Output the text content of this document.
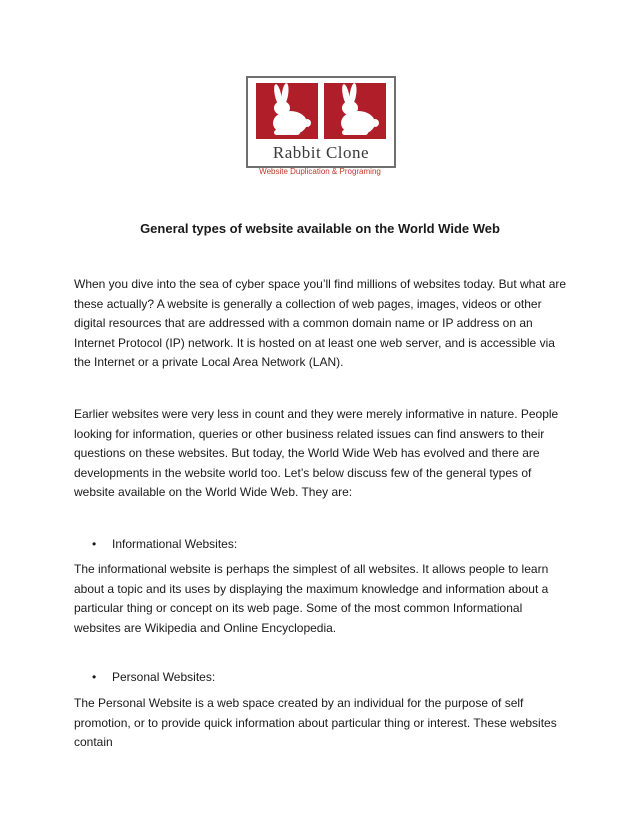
Rabbit Clone
Website Duplication & Programing
General types of website available on the World Wide Web

When you dive into the sea of cyber space you’ll find millions of websites today. But what are these actually? A website is generally a collection of web pages, images, videos or other digital resources that are addressed with a common domain name or IP address on an Internet Protocol (IP) network. It is hosted on at least one web server, and is accessible via the Internet or a private Local Area Network (LAN).

Earlier websites were very less in count and they were merely informative in nature. People looking for information, queries or other business related issues can find answers to their questions on these websites. But today, the World Wide Web has evolved and there are developments in the website world too. Let’s below discuss few of the general types of website available on the World Wide Web. They are:

• Informational Websites:

The informational website is perhaps the simplest of all websites. It allows people to learn about a topic and its uses by displaying the maximum knowledge and information about a particular thing or concept on its web page. Some of the most common Informational websites are Wikipedia and Online Encyclopedia.

• Personal Websites:

The Personal Website is a web space created by an individual for the purpose of self promotion, or to provide quick information about particular thing or interest. These websites contain
